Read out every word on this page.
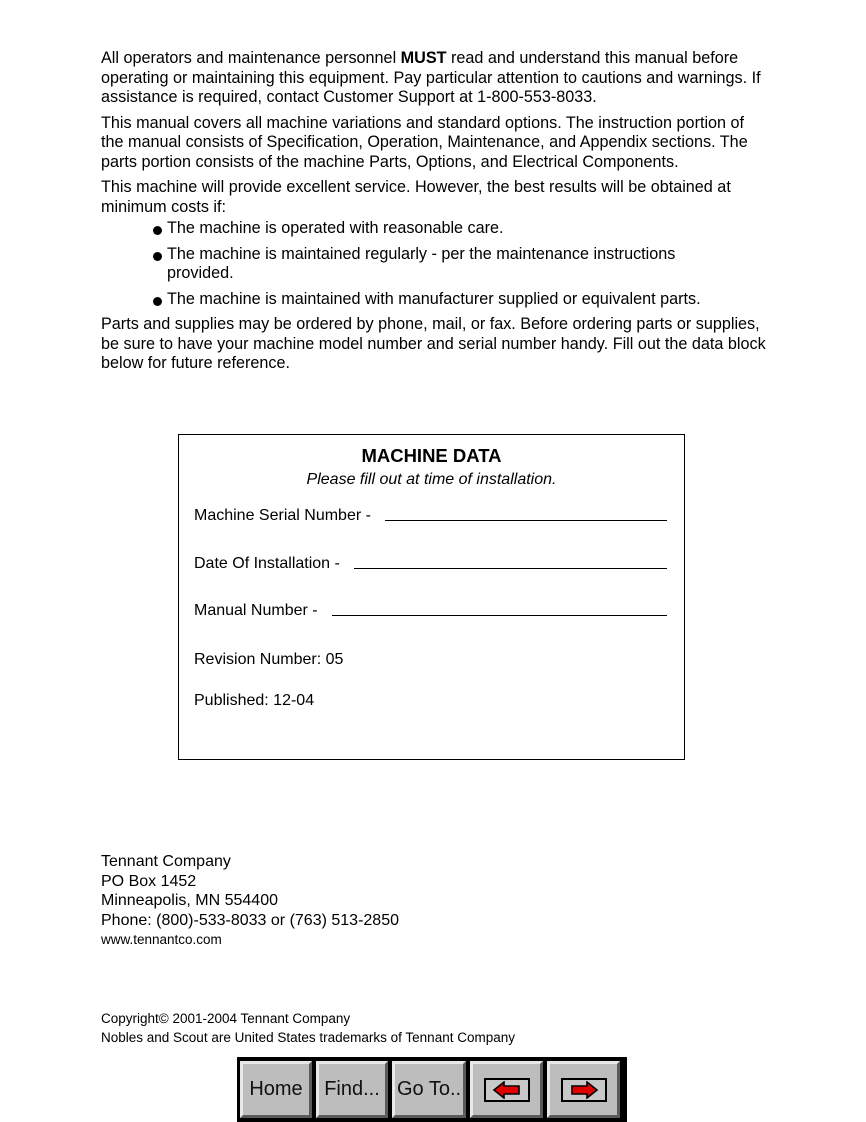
All operators and maintenance personnel MUST read and understand this manual before operating or maintaining this equipment. Pay particular attention to cautions and warnings. If assistance is required, contact Customer Support at 1-800-553-8033.

This manual covers all machine variations and standard options. The instruction portion of the manual consists of Specification, Operation, Maintenance, and Appendix sections. The parts portion consists of the machine Parts, Options, and Electrical Components.

This machine will provide excellent service. However, the best results will be obtained at minimum costs if:

The machine is operated with reasonable care.
The machine is maintained regularly - per the maintenance instructions provided.
The machine is maintained with manufacturer supplied or equivalent parts.

Parts and supplies may be ordered by phone, mail, or fax. Before ordering parts or supplies, be sure to have your machine model number and serial number handy. Fill out the data block below for future reference.

MACHINE DATA
Please fill out at time of installation.
Machine Serial Number -
Date Of Installation -
Manual Number -
Revision Number: 05
Published: 12-04
Tennant Company
PO Box 1452
Minneapolis, MN 554400
Phone: (800)-533-8033 or (763) 513-2850
www.tennantco.com
Copyright© 2001-2004 Tennant Company
Nobles and Scout are United States trademarks of Tennant Company
Home	Find... Go To..
